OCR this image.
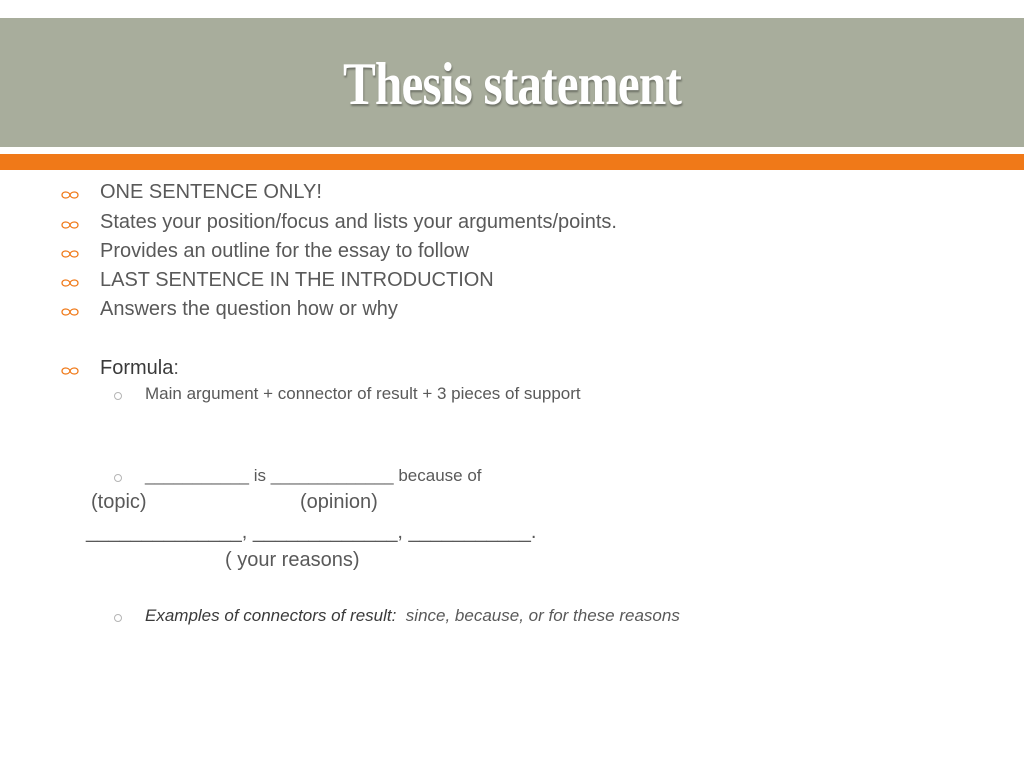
Thesis statement
ONE SENTENCE ONLY!
States your position/focus and lists your arguments/points.
Provides an outline for the essay to follow
LAST SENTENCE IN THE INTRODUCTION
Answers the question how or why
Formula:
Main argument + connector of result + 3 pieces of support
___________ is _____________ because of
(topic)	(opinion)
______________, _____________, ___________.
( your reasons)
Examples of connectors of result: since, because, or for these reasons
